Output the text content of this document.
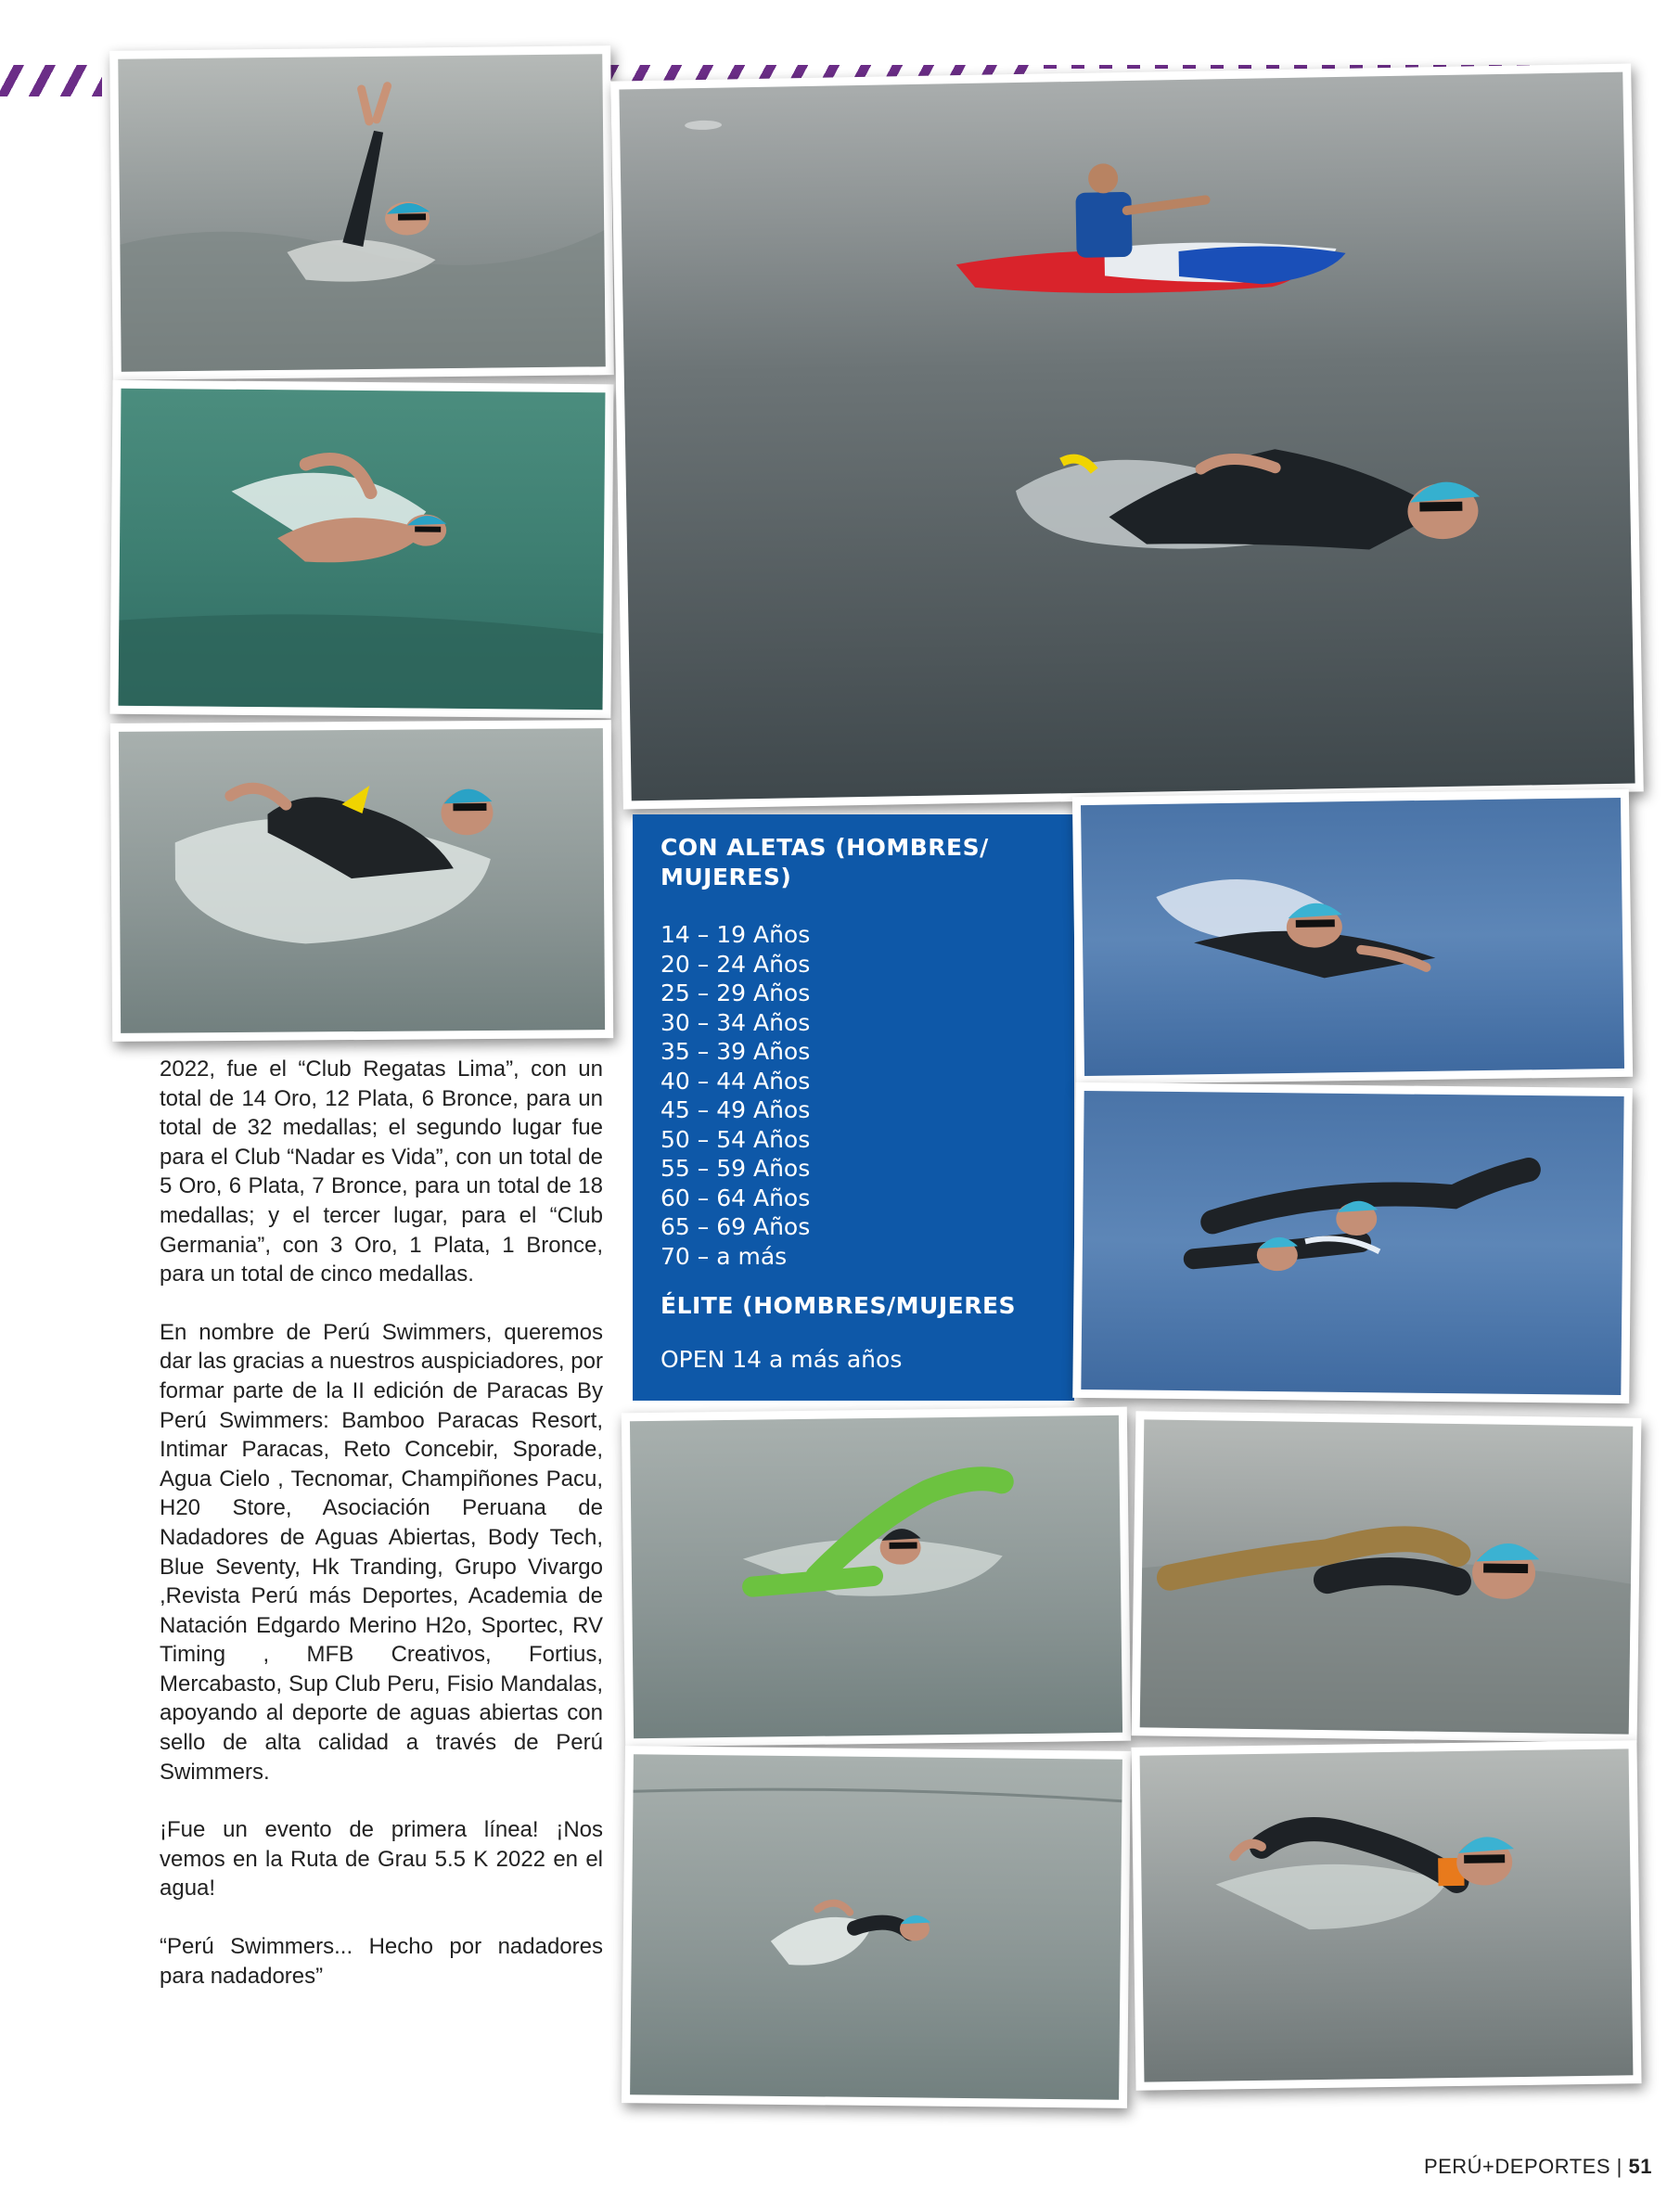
CON ALETAS (HOMBRES/ MUJERES)

14 – 19 Años
20 – 24 Años
25 – 29 Años
30 – 34 Años
35 – 39 Años
40 – 44 Años
45 – 49 Años
50 – 54 Años
55 – 59 Años
60 – 64 Años
65 – 69 Años
70 – a más

ÉLITE (HOMBRES/MUJERES

OPEN 14 a más años

2022, fue el “Club Regatas Lima”, con un total de 14 Oro, 12 Plata, 6 Bronce, para un total de 32 medallas; el segundo lugar fue para el Club “Nadar es Vida”, con un total de 5 Oro, 6 Plata, 7 Bronce, para un total de 18 medallas; y el tercer lugar, para el “Club Germania”, con 3 Oro, 1 Plata, 1 Bronce, para un total de cinco medallas.

En nombre de Perú Swimmers, queremos dar las gracias a nuestros auspiciadores, por formar parte de la II edición de Paracas By Perú Swimmers: Bamboo Paracas Resort, Intimar Paracas, Reto Concebir, Sporade, Agua Cielo , Tecnomar, Champiñones Pacu, H20 Store, Asociación Peruana de Nadadores de Aguas Abiertas, Body Tech, Blue Seventy, Hk Tranding, Grupo Vivargo ,Revista Perú más Deportes, Academia de Natación Edgardo Merino H2o, Sportec, RV Timing , MFB Creativos, Fortius, Mercabasto, Sup Club Peru, Fisio Mandalas, apoyando al deporte de aguas abiertas con sello de alta calidad a través de Perú Swimmers.

¡Fue un evento de primera línea! ¡Nos vemos en la Ruta de Grau 5.5 K 2022 en el agua!

“Perú Swimmers... Hecho por nadadores para nadadores”

PERÚ+DEPORTES | 51
